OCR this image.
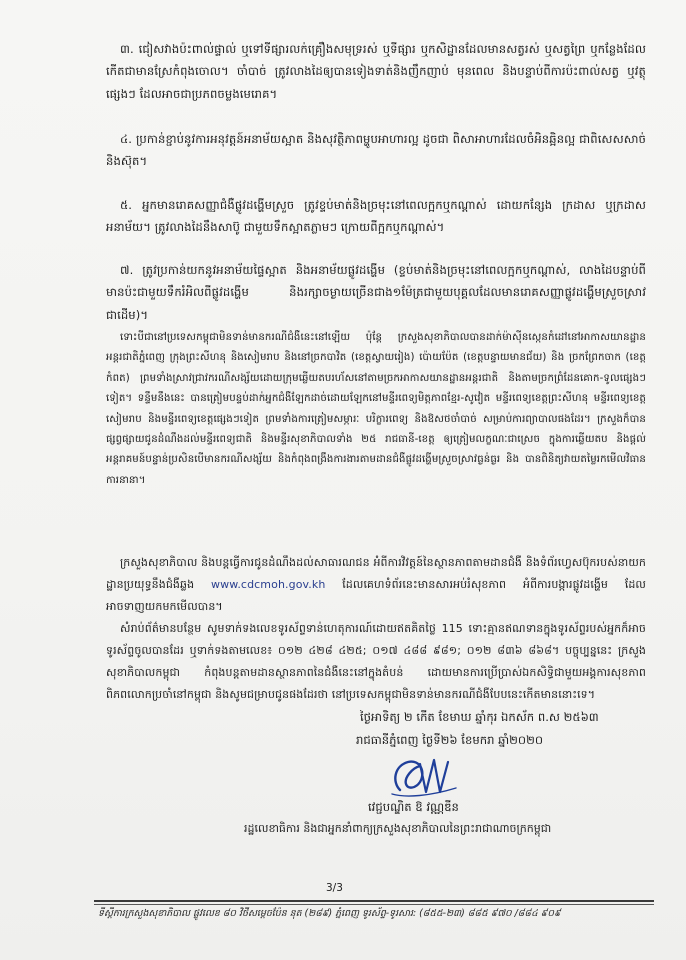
៣. ជៀសវាងប៉ះពាល់ផ្ទាល់ ឬទៅទីផ្សារលក់គ្រឿងសមុទ្ររស់ ឬទីផ្សារ ឬកសិដ្ឋានដែលមានសត្វរស់ ឬសត្វព្រៃ ឬកន្លែងដែលកើតជាមានស្រែកំពុងចោល។ ចាំបាច់ ត្រូវលាងដៃឲ្យបានទៀងទាត់និងញឹកញាប់ មុនពេល និងបន្ទាប់ពីការប៉ះពាល់សត្វ ឬវត្ថុផ្សេងៗ ដែលអាចជាប្រភពចម្លងមេរោគ។

៤. ប្រកាន់ខ្ជាប់នូវការអនុវត្តន៍អនាម័យស្អាត និងសុវត្ថិភាពម្ហូបអាហារល្អ ដូចជា ពិសាអាហារដែលចំអិនឆ្អិនល្អ ជាពិសេសសាច់ និងស៊ុត។

៥. អ្នកមានរោគសញ្ញាជំងឺផ្លូវដង្ហើមស្រួច ត្រូវខ្ទប់មាត់និងច្រមុះនៅពេលក្អកឬកណ្តាស់ ដោយកន្សែង ក្រដាស ឬក្រដាសអនាម័យ។ ត្រូវលាងដៃនឹងសាប៊ូ ជាមួយទឹកស្អាតភ្លាមៗ ក្រោយពីក្អកឬកណ្តាស់។

៧. ត្រូវប្រកាន់យកនូវអនាម័យផ្ទៃស្អាត និងអនាម័យផ្លូវដង្ហើម (ខ្ទប់មាត់និងច្រមុះនៅពេលក្អកឬកណ្តាស់, លាងដៃបន្ទាប់ពីមានប៉ះជាមួយទឹករំអិលពីផ្លូវដង្ហើម និងរក្សាចម្ងាយច្រើនជាង១ម៉ែត្រជាមួយបុគ្គលដែលមានរោគសញ្ញាផ្លូវដង្ហើមស្រួចស្រាវ ជាដើម)។

ទោះបីជានៅប្រទេសកម្ពុជាមិនទាន់មានករណីជំងឺនេះនៅឡើយ ប៉ុន្តែ ក្រសួងសុខាភិបាលបានដាក់ម៉ាស៊ីនស្កេនកំដៅនៅអាកាសយានដ្ឋានអន្តរជាតិភ្នំពេញ ក្រុងព្រះសីហនុ និងសៀមរាប និងនៅច្រកបាវិត (ខេត្តស្វាយរៀង) ប៉ោយប៉ែត (ខេត្តបន្ទាយមានជ័យ) និង ច្រកព្រែកចាក (ខេត្តកំពត) ព្រមទាំងស្រាវជ្រាវករណីសង្ស័យដោយក្រុមឆ្លើយតបរហ័សនៅតាមច្រកអាកាសយានដ្ឋានអន្តរជាតិ និងតាមច្រកព្រំដែនគោក-ទូលផ្សេងៗទៀត។ ទន្ទឹមនឹងនេះ បានត្រៀមបន្ទប់ដាក់អ្នកជំងឺឡែកដាច់ដោយឡែកនៅមន្ទីរពេទ្យមិត្តភាពខ្មែរ-សូវៀត មន្ទីរពេទ្យខេត្តព្រះសីហនុ មន្ទីរពេទ្យខេត្តសៀមរាប និងមន្ទីរពេទ្យខេត្តផ្សេងៗទៀត ព្រមទាំងការត្រៀមសម្ភារៈ បរិក្ខារពេទ្យ និងឱសថចាំបាច់ សម្រាប់ការព្យាបាលផងដែរ។ ក្រសួងក៏បានផ្សព្វផ្សាយជូនដំណឹងដល់មន្ទីរពេទ្យជាតិ និងមន្ទីរសុខាភិបាលទាំង ២៥ រាជធានី-ខេត្ត ឲ្យត្រៀមលក្ខណៈជាស្រេច ក្នុងការឆ្លើយតប និងផ្តល់អន្តរាគមន៍បន្ទាន់ប្រសិនបើមានករណីសង្ស័យ និងកំពុងពង្រឹងការងារតាមដានជំងឺផ្លូវដង្ហើមស្រួចស្រាវធ្ងន់ធ្ងរ និង បានពិនិត្យវាយតម្លៃរកមើលវិធានការនានា។

ក្រសួងសុខាភិបាល និងបន្តធ្វើការជូនដំណឹងដល់សាធារណជន អំពីការវិវត្តន៍នៃស្ថានភាពតាមដានជំងឺ និងទំព័រហ្វេសប៊ុករបស់នាយកដ្ឋានប្រយុទ្ធនឹងជំងឺឆ្លង www.cdcmoh.gov.kh ដែលគេហទំព័រនេះមានសារអប់រំសុខភាព អំពីការបង្ការផ្លូវដង្ហើម ដែលអាចទាញយកមកមើលបាន។

សំរាប់ព័ត៌មានបន្ថែម សូមទាក់ទងលេខទូរស័ព្ទទាន់ហេតុការណ៍ដោយឥតគិតថ្លៃ 115 ទោះគ្មានឥណទានក្នុងទូរស័ព្ទរបស់អ្នកក៏អាចទូរស័ព្ទចូលបានដែរ ឬទាក់ទងតាមលេខ៖ ០១២ ៤២៨ ៤២៥; ០១៧ ៤៨៨ ៩៨១; ០១២ ៨៣៦ ៨៦៨។ បច្ចុប្បន្ននេះ ក្រសួងសុខាភិបាលកម្ពុជា កំពុងបន្តតាមដានស្ថានភាពនៃជំងឺនេះនៅក្នុងតំបន់ ដោយមានការប្រើប្រាស់ឯកសិទ្ធិជាមួយអង្គការសុខភាពពិភពលោកប្រចាំនៅកម្ពុជា និងសូមជម្រាបជូនផងដែរថា នៅប្រទេសកម្ពុជាមិនទាន់មានករណីជំងឺបែបនេះកើតមាននោះទេ។

ថ្ងៃអាទិត្យ ២ កើត ខែមាឃ ឆ្នាំកុរ ឯកស័ក ព.ស ២៥៦៣
រាជធានីភ្នំពេញ ថ្ងៃទី២៦ ខែមករា ឆ្នាំ២០២០
វេជ្ជបណ្ឌិត ឱ វណ្ណឌីន
រដ្ឋលេខាធិការ និងជាអ្នកនាំពាក្យក្រសួងសុខាភិបាលនៃព្រះរាជាណាចក្រកម្ពុជា
3/3
ទីស្តីការក្រសួងសុខាភិបាល ផ្លូវលេខ ៨០ វិថីសម្តេចប៉ែន នុត (២៨៩) ភ្នំពេញ ទូរស័ព្ទ-ទូរសារ: (៨៥៥-២៣) ៨៨៥ ៩៧០ /៨៨៤ ៩០៩
